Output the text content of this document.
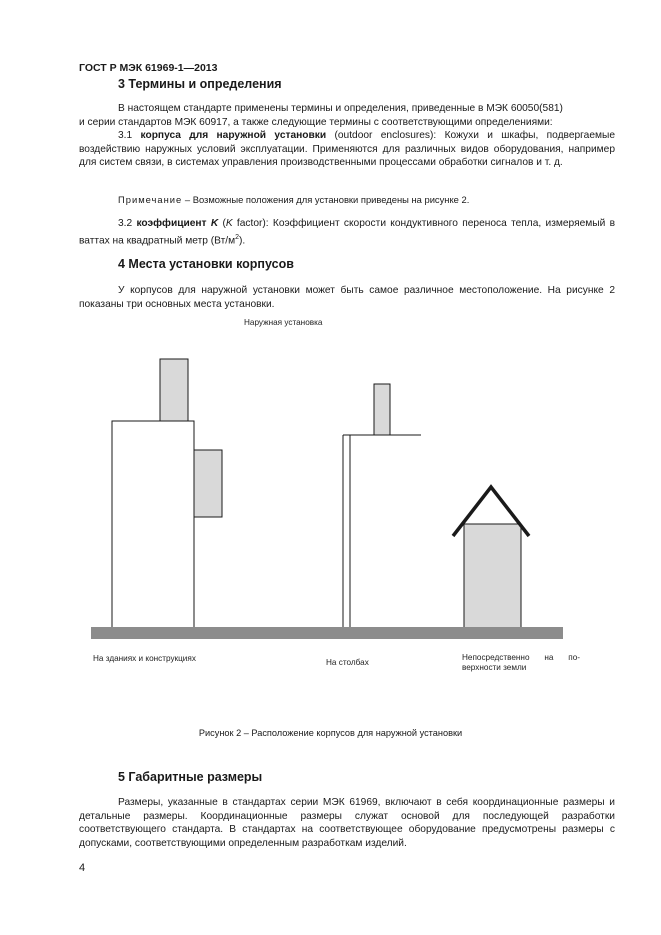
ГОСТ Р МЭК 61969-1—2013
3 Термины и определения
В настоящем стандарте применены термины и определения, приведенные в МЭК 60050(581)
и серии стандартов МЭК 60917, а также следующие термины с соответствующими определениями:
3.1 корпуса для наружной установки (outdoor enclosures): Кожухи и шкафы, подвергаемые воздействию наружных условий эксплуатации. Применяются для различных видов оборудования, например для систем связи, в системах управления производственными процессами обработки сигналов и т. д.
Примечание – Возможные положения для установки приведены на рисунке 2.
3.2 коэффициент K (K factor): Коэффициент скорости кондуктивного переноса тепла, измеряемый в ваттах на квадратный метр $(Вт/м^2)$.
4 Места установки корпусов
У корпусов для наружной установки может быть самое различное местоположение. На рисунке 2 показаны три основных места установки.
Наружная установка
На зданиях и конструкциях	На столбах
Непосредственно на по-
верхности земли
Рисунок 2 – Расположение корпусов для наружной установки
5 Габаритные размеры
Размеры, указанные в стандартах серии МЭК 61969, включают в себя координационные размеры и детальные размеры. Координационные размеры служат основой для последующей разработки соответствующего стандарта. В стандартах на соответствующее оборудование предусмотрены размеры с допусками, соответствующими определенным разработкам изделий.
4
